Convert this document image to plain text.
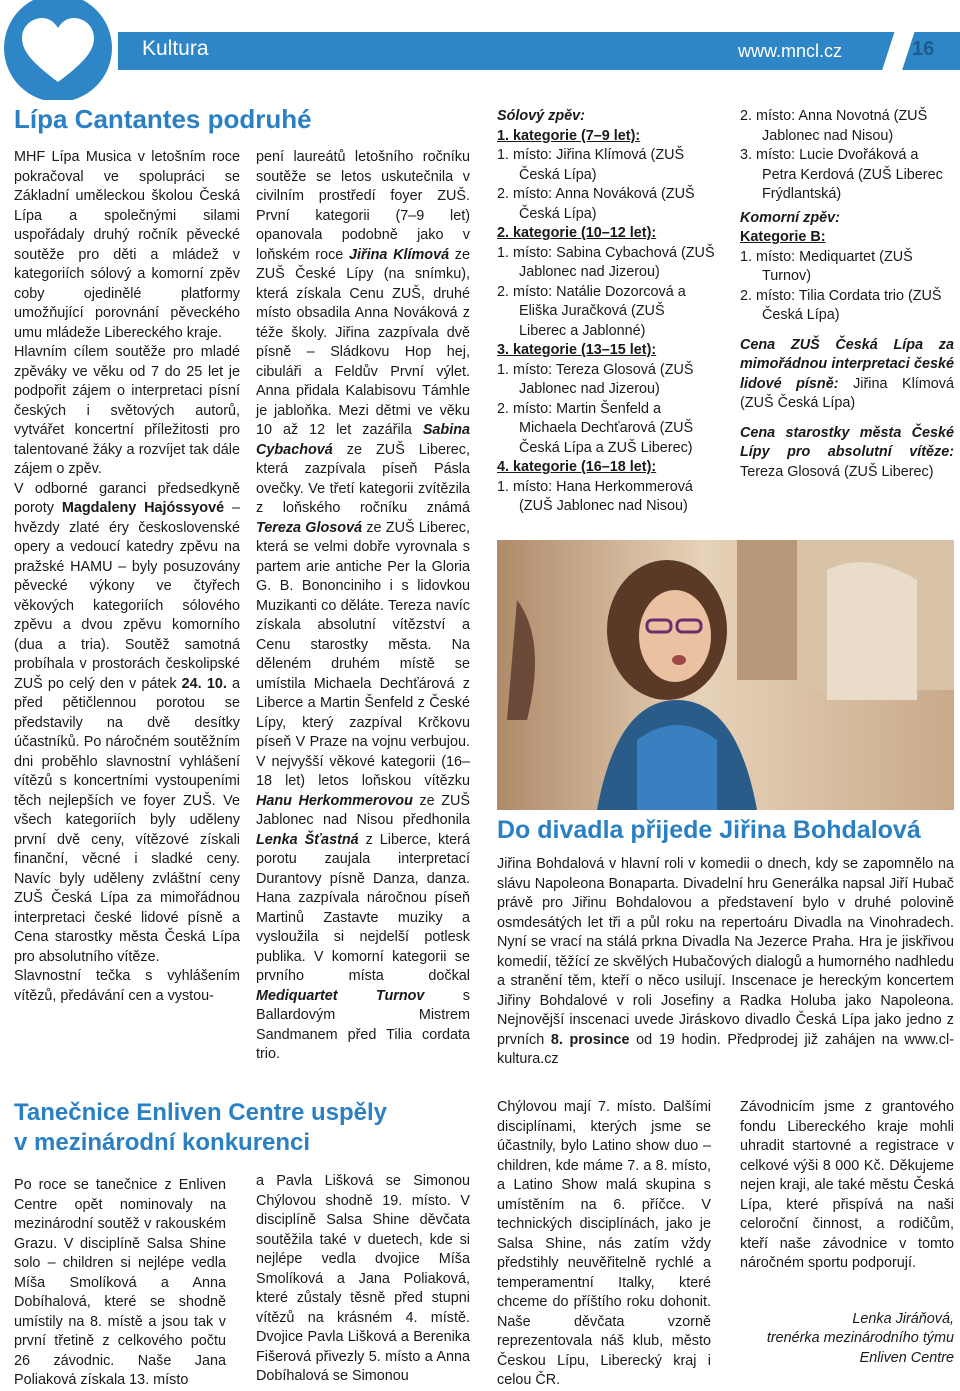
Kultura	www.mncl.cz	16
Lípa Cantantes podruhé

MHF Lípa Musica v letošním roce pokračoval ve spolupráci se Základní uměleckou školou Česká Lípa a společnými silami uspořádaly druhý ročník pěvecké soutěže pro děti a mládež v kategoriích sólový a komorní zpěv coby ojedinělé platformy umožňující porovnání pěveckého umu mládeže Libereckého kraje.

Hlavním cílem soutěže pro mladé zpěváky ve věku od 7 do 25 let je podpořit zájem o interpretaci písní českých i světových autorů, vytvářet koncertní příležitosti pro talentované žáky a rozvíjet tak dále zájem o zpěv.

V odborné garanci předsedkyně poroty Magdaleny Hajóssyové – hvězdy zlaté éry československé opery a vedoucí katedry zpěvu na pražské HAMU – byly posuzovány pěvecké výkony ve čtyřech věkových kategoriích sólového zpěvu a dvou zpěvu komorního (dua a tria). Soutěž samotná probíhala v prostorách českolipské ZUŠ po celý den v pátek 24. 10. a před pětičlennou porotou se představily na dvě desítky účastníků. Po náročném soutěžním dni proběhlo slavnostní vyhlášení vítězů s koncertními vystoupeními těch nejlepších ve foyer ZUŠ. Ve všech kategoriích byly uděleny první dvě ceny, vítězové získali finanční, věcné i sladké ceny. Navíc byly uděleny zvláštní ceny ZUŠ Česká Lípa za mimořádnou interpretaci české lidové písně a Cena starostky města Česká Lípa pro absolutního vítěze.

Slavnostní tečka s vyhlášením vítězů, předávání cen a vystou-

pení laureátů letošního ročníku soutěže se letos uskutečnila v civilním prostředí foyer ZUŠ. První kategorii (7–9 let) opanovala podobně jako v loňském roce Jiřina Klímová ze ZUŠ České Lípy (na snímku), která získala Cenu ZUŠ, druhé místo obsadila Anna Nováková z téže školy. Jiřina zazpívala dvě písně – Sládkovu Hop hej, cibuláři a Feldův První výlet. Anna přidala Kalabisovu Támhle je jabloňka. Mezi dětmi ve věku 10 až 12 let zazářila Sabina Cybachová ze ZUŠ Liberec, která zazpívala píseň Pásla ovečky. Ve třetí kategorii zvítězila z loňského ročníku známá Tereza Glosová ze ZUŠ Liberec, která se velmi dobře vyrovnala s partem arie antiche Per la Gloria G. B. Bononciniho i s lidovkou Muzikanti co děláte. Tereza navíc získala absolutní vítězství a Cenu starostky města. Na děleném druhém místě se umístila Michaela Dechťárová z Liberce a Martin Šenfeld z České Lípy, který zazpíval Krčkovu píseň V Praze na vojnu verbujou. V nejvyšší věkové kategorii (16–18 let) letos loňskou vítězku Hanu Herkommerovou ze ZUŠ Jablonec nad Nisou předhonila Lenka Šťastná z Liberce, která porotu zaujala interpretací Durantovy písně Danza, danza. Hana zazpívala náročnou píseň Martinů Zastavte muziky a vysloužila si nejdelší potlesk publika. V komorní kategorii se prvního místa dočkal Mediquartet Turnov s Ballardovým Mistrem Sandmanem před Tilia cordata trio.

Sólový zpěv:

1. kategorie (7–9 let):

1. místo: Jiřina Klímová (ZUŠ Česká Lípa)

2. místo: Anna Nováková (ZUŠ Česká Lípa)

2. kategorie (10–12 let):

1. místo: Sabina Cybachová (ZUŠ Jablonec nad Jizerou)

2. místo: Natálie Dozorcová a Eliška Juračková (ZUŠ Liberec a Jablonné)

3. kategorie (13–15 let):

1. místo: Tereza Glosová (ZUŠ Jablonec nad Jizerou)

2. místo: Martin Šenfeld a Michaela Dechťarová (ZUŠ Česká Lípa a ZUŠ Liberec)

4. kategorie (16–18 let):

1. místo: Hana Herkommerová (ZUŠ Jablonec nad Nisou)

2. místo: Anna Novotná (ZUŠ Jablonec nad Nisou)

3. místo: Lucie Dvořáková a Petra Kerdová (ZUŠ Liberec Frýdlantská)

Komorní zpěv:

Kategorie B:

1. místo: Mediquartet (ZUŠ Turnov)

2. místo: Tilia Cordata trio (ZUŠ Česká Lípa)

Cena ZUŠ Česká Lípa za mimořádnou interpretaci české lidové písně: Jiřina Klímová (ZUŠ Česká Lípa)

Cena starostky města České Lípy pro absolutní vítěze: Tereza Glosová (ZUŠ Liberec)

Do divadla přijede Jiřina Bohdalová
Jiřina Bohdalová v hlavní roli v komedii o dnech, kdy se zapomnělo na slávu Napoleona Bonaparta. Divadelní hru Generálka napsal Jiří Hubač právě pro Jiřinu Bohdalovou a představení bylo v druhé polovině osmdesátých let tři a půl roku na repertoáru Divadla na Vinohradech. Nyní se vrací na stálá prkna Divadla Na Jezerce Praha. Hra je jiskřivou komedií, těžící ze skvělých Hubačových dialogů a humorného nadhledu a stranění těm, kteří o něco usilují. Inscenace je hereckým koncertem Jiřiny Bohdalové v roli Josefiny a Radka Holuba jako Napoleona. Nejnovější inscenaci uvede Jiráskovo divadlo Česká Lípa jako jedno z prvních 8. prosince od 19 hodin. Předprodej již zahájen na www.cl-kultura.cz
Tanečnice Enliven Centre uspěly
v mezinárodní konkurenci

Po roce se tanečnice z Enliven Centre opět nominovaly na mezinárodní soutěž v rakouském Grazu. V disciplíně Salsa Shine solo – children si nejlépe vedla Míša Smolíková a Anna Dobíhalová, které se shodně umístily na 8. místě a jsou tak v první třetině z celkového počtu 26 závodnic. Naše Jana Poliaková získala 13. místo

a Pavla Lišková se Simonou Chýlovou shodně 19. místo. V disciplíně Salsa Shine děvčata soutěžila také v duetech, kde si nejlépe vedla dvojice Míša Smolíková a Jana Poliaková, které zůstaly těsně před stupni vítězů na krásném 4. místě. Dvojice Pavla Lišková a Berenika Fišerová přivezly 5. místo a Anna Dobíhalová se Simonou

Chýlovou mají 7. místo. Dalšími disciplínami, kterých jsme se účastnily, bylo Latino show duo – children, kde máme 7. a 8. místo, a Latino Show malá skupina s umístěním na 6. příčce. V technických disciplínách, jako je Salsa Shine, nás zatím vždy předstihly neuvěřitelně rychlé a temperamentní Italky, které chceme do příštího roku dohonit. Naše děvčata vzorně reprezentovala náš klub, město Českou Lípu, Liberecký kraj i celou ČR.

Závodnicím jsme z grantového fondu Libereckého kraje mohli uhradit startovné a registrace v celkové výši 8 000 Kč. Děkujeme nejen kraji, ale také městu Česká Lípa, které přispívá na naši celoroční činnost, a rodičům, kteří naše závodnice v tomto náročném sportu podporují.

Lenka Jiráňová,

trenérka mezinárodního týmu

Enliven Centre
